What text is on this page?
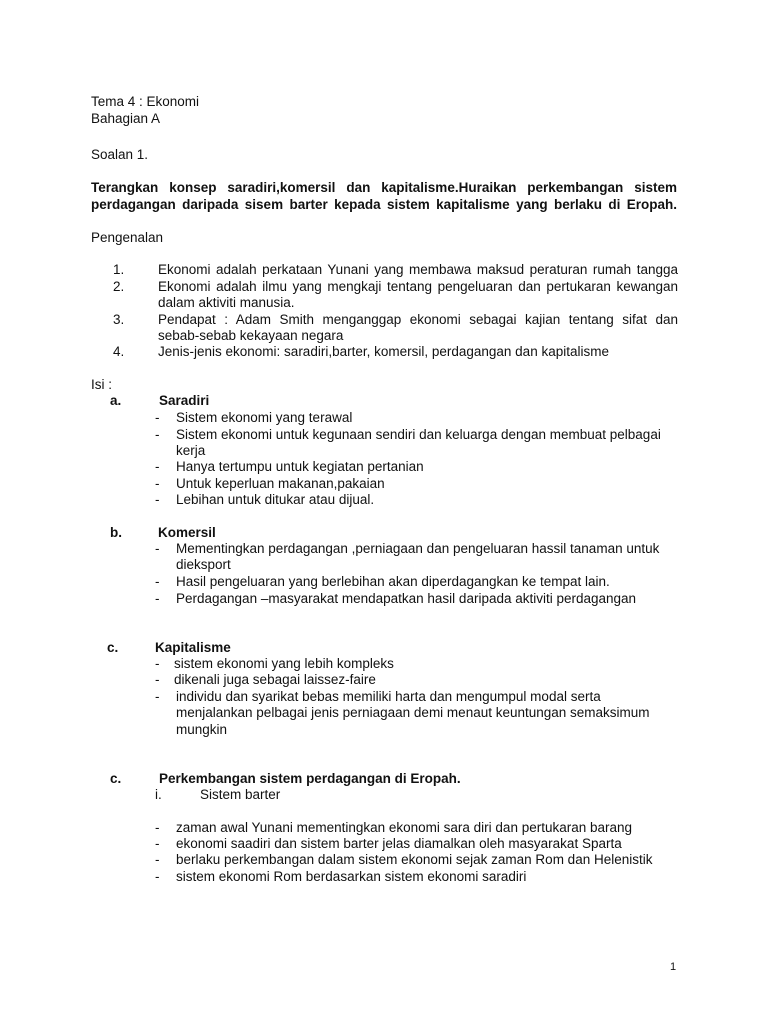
Tema 4 : Ekonomi
Bahagian A
Soalan 1.
Terangkan konsep saradiri,komersil dan kapitalisme.Huraikan perkembangan sistem
perdagangan daripada sisem barter kepada sistem kapitalisme yang berlaku di Eropah.
Pengenalan
1. Ekonomi adalah perkataan Yunani yang membawa maksud peraturan rumah tangga
2. Ekonomi adalah ilmu yang mengkaji tentang pengeluaran dan pertukaran kewangan
dalam aktiviti manusia.
3. Pendapat : Adam Smith menganggap ekonomi sebagai kajian tentang sifat dan
sebab-sebab kekayaan negara
4. Jenis-jenis ekonomi: saradiri,barter, komersil, perdagangan dan kapitalisme
Isi :
a.	Saradiri
- Sistem ekonomi yang terawal
- Sistem ekonomi untuk kegunaan sendiri dan keluarga dengan membuat pelbagai
kerja
- Hanya tertumpu untuk kegiatan pertanian
- Untuk keperluan makanan,pakaian
- Lebihan untuk ditukar atau dijual.
b.	Komersil
- Mementingkan perdagangan ,perniagaan dan pengeluaran hassil tanaman untuk
dieksport
- Hasil pengeluaran yang berlebihan akan diperdagangkan ke tempat lain.
- Perdagangan –masyarakat mendapatkan hasil daripada aktiviti perdagangan
c.	Kapitalisme
- sistem ekonomi yang lebih kompleks
- dikenali juga sebagai laissez-faire
- individu dan syarikat bebas memiliki harta dan mengumpul modal serta
menjalankan pelbagai jenis perniagaan demi menaut keuntungan semaksimum
mungkin
c.	Perkembangan sistem perdagangan di Eropah.
i.	Sistem barter
- zaman awal Yunani mementingkan ekonomi sara diri dan pertukaran barang
- ekonomi saadiri dan sistem barter jelas diamalkan oleh masyarakat Sparta
- berlaku perkembangan dalam sistem ekonomi sejak zaman Rom dan Helenistik
- sistem ekonomi Rom berdasarkan sistem ekonomi saradiri
1
